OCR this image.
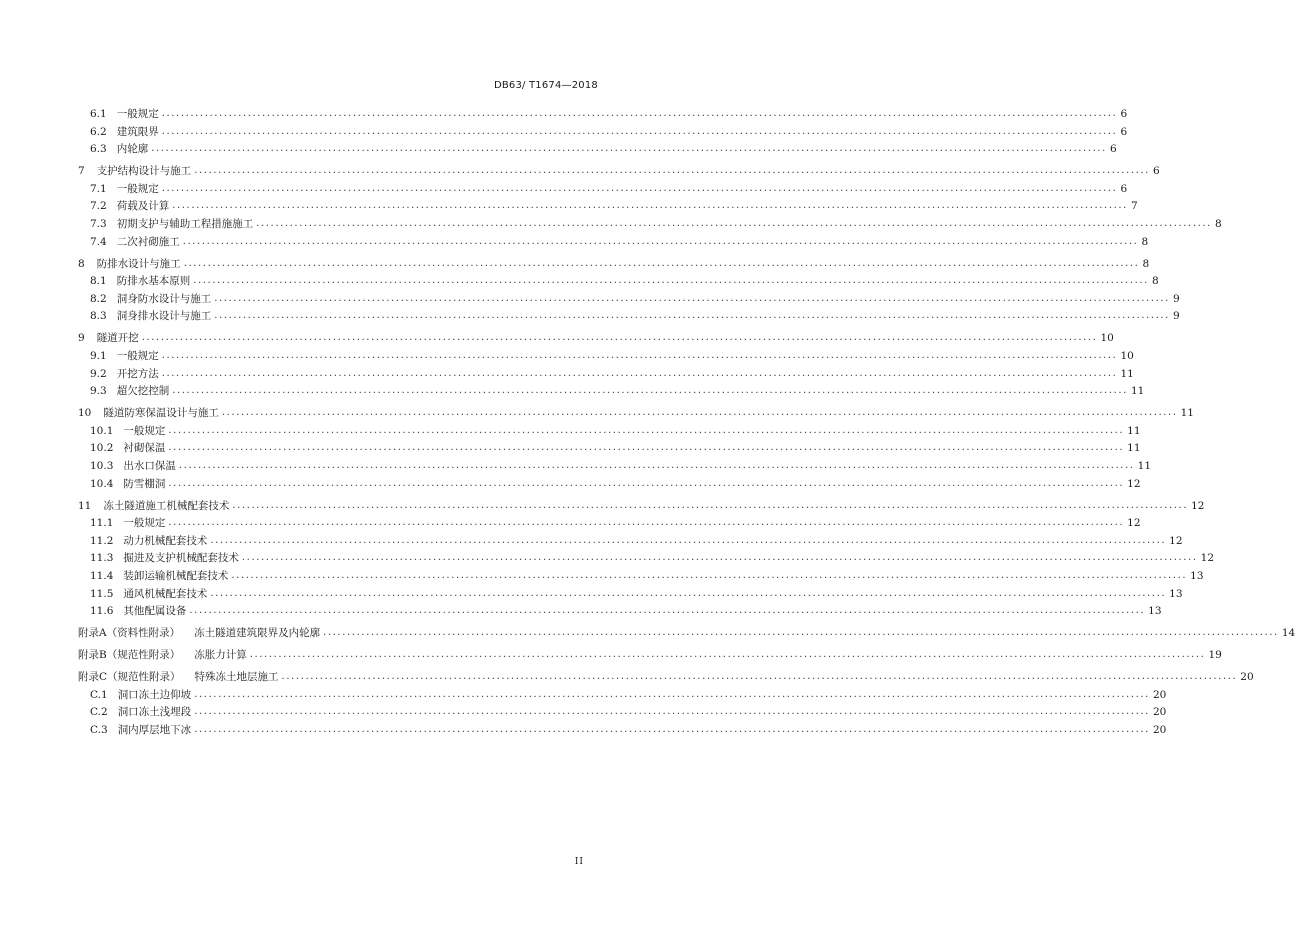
DB63/ T1674—2018
6.1 一般规定 ........................................................................................................................................................................................................ 6
6.2 建筑限界 ........................................................................................................................................................................................................ 6
6.3 内轮廓 ........................................................................................................................................................................................................ 6
7 支护结构设计与施工 ........................................................................................................................................................................................................ 6
7.1 一般规定 ........................................................................................................................................................................................................ 6
7.2 荷载及计算 ........................................................................................................................................................................................................ 7
7.3 初期支护与辅助工程措施施工 ........................................................................................................................................................................................................ 8
7.4 二次衬砌施工 ........................................................................................................................................................................................................ 8
8 防排水设计与施工 ........................................................................................................................................................................................................ 8
8.1 防排水基本原则 ........................................................................................................................................................................................................ 8
8.2 洞身防水设计与施工 ........................................................................................................................................................................................................ 9
8.3 洞身排水设计与施工 ........................................................................................................................................................................................................ 9
9 隧道开挖 ........................................................................................................................................................................................................ 10
9.1 一般规定 ........................................................................................................................................................................................................ 10
9.2 开挖方法 ........................................................................................................................................................................................................ 11
9.3 超欠挖控制 ........................................................................................................................................................................................................ 11
10 隧道防寒保温设计与施工 ........................................................................................................................................................................................................ 11
10.1 一般规定 ........................................................................................................................................................................................................ 11
10.2 衬砌保温 ........................................................................................................................................................................................................ 11
10.3 出水口保温 ........................................................................................................................................................................................................ 11
10.4 防雪棚洞 ........................................................................................................................................................................................................ 12
11 冻土隧道施工机械配套技术 ........................................................................................................................................................................................................ 12
11.1 一般规定 ........................................................................................................................................................................................................ 12
11.2 动力机械配套技术 ........................................................................................................................................................................................................ 12
11.3 掘进及支护机械配套技术 ........................................................................................................................................................................................................ 12
11.4 装卸运输机械配套技术 ........................................................................................................................................................................................................ 13
11.5 通风机械配套技术 ........................................................................................................................................................................................................ 13
11.6 其他配属设备 ........................................................................................................................................................................................................ 13
附录A（资料性附录） 冻土隧道建筑限界及内轮廓 ........................................................................................................................................................................................................ 14
附录B（规范性附录） 冻胀力计算 ........................................................................................................................................................................................................ 19
附录C（规范性附录） 特殊冻土地层施工 ........................................................................................................................................................................................................ 20
C.1 洞口冻土边仰坡 ........................................................................................................................................................................................................ 20
C.2 洞口冻土浅埋段 ........................................................................................................................................................................................................ 20
C.3 洞内厚层地下冰 ........................................................................................................................................................................................................ 20
II
